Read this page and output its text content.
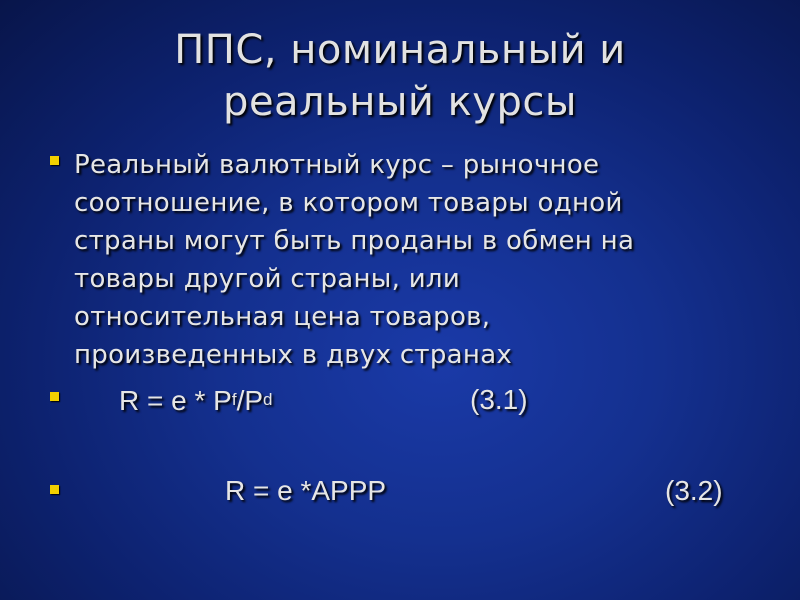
ППС, номинальный и
реальный курсы
Реальный валютный курс – рыночное
соотношение, в котором товары одной
страны могут быть проданы в обмен на
товары другой страны, или
относительная цена товаров,
произведенных в двух странах
$R = e * P^f/P^d$	(3.1)
R = e *APPP	(3.2)
